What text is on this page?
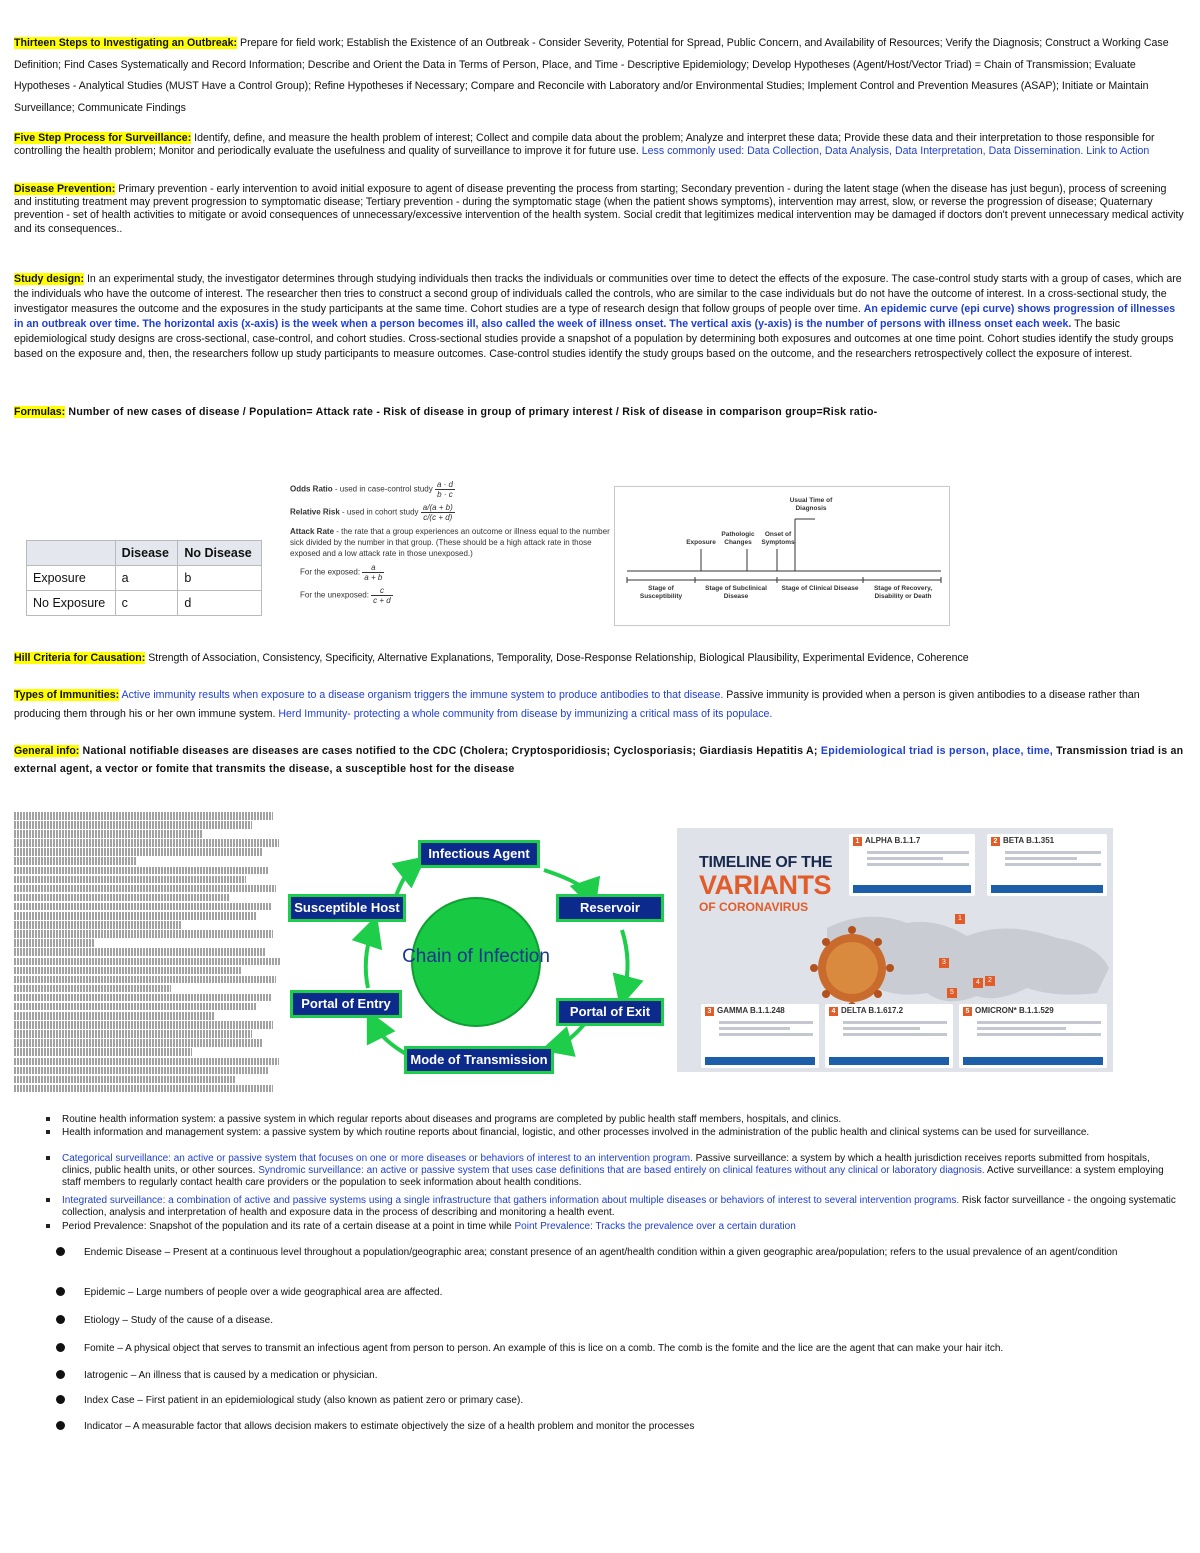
Thirteen Steps to Investigating an Outbreak: Prepare for field work; Establish the Existence of an Outbreak - Consider Severity, Potential for Spread, Public Concern, and Availability of Resources; Verify the Diagnosis; Construct a Working Case Definition; Find Cases Systematically and Record Information; Describe and Orient the Data in Terms of Person, Place, and Time - Descriptive Epidemiology; Develop Hypotheses (Agent/Host/Vector Triad) = Chain of Transmission; Evaluate Hypotheses - Analytical Studies (MUST Have a Control Group); Refine Hypotheses if Necessary; Compare and Reconcile with Laboratory and/or Environmental Studies; Implement Control and Prevention Measures (ASAP); Initiate or Maintain Surveillance; Communicate Findings
Five Step Process for Surveillance: Identify, define, and measure the health problem of interest; Collect and compile data about the problem; Analyze and interpret these data; Provide these data and their interpretation to those responsible for controlling the health problem; Monitor and periodically evaluate the usefulness and quality of surveillance to improve it for future use. Less commonly used: Data Collection, Data Analysis, Data Interpretation, Data Dissemination. Link to Action
Disease Prevention: Primary prevention - early intervention to avoid initial exposure to agent of disease preventing the process from starting; Secondary prevention - during the latent stage (when the disease has just begun), process of screening and instituting treatment may prevent progression to symptomatic disease; Tertiary prevention - during the symptomatic stage (when the patient shows symptoms), intervention may arrest, slow, or reverse the progression of disease; Quaternary prevention - set of health activities to mitigate or avoid consequences of unnecessary/excessive intervention of the health system. Social credit that legitimizes medical intervention may be damaged if doctors don't prevent unnecessary medical activity and its consequences..
Study design: In an experimental study, the investigator determines through studying individuals then tracks the individuals or communities over time to detect the effects of the exposure. The case-control study starts with a group of cases, which are the individuals who have the outcome of interest. The researcher then tries to construct a second group of individuals called the controls, who are similar to the case individuals but do not have the outcome of interest. In a cross-sectional study, the investigator measures the outcome and the exposures in the study participants at the same time. Cohort studies are a type of research design that follow groups of people over time. An epidemic curve (epi curve) shows progression of illnesses in an outbreak over time. The horizontal axis (x-axis) is the week when a person becomes ill, also called the week of illness onset. The vertical axis (y-axis) is the number of persons with illness onset each week. The basic epidemiological study designs are cross-sectional, case-control, and cohort studies. Cross-sectional studies provide a snapshot of a population by determining both exposures and outcomes at one time point. Cohort studies identify the study groups based on the exposure and, then, the researchers follow up study participants to measure outcomes. Case-control studies identify the study groups based on the outcome, and the researchers retrospectively collect the exposure of interest.
Formulas: Number of new cases of disease / Population= Attack rate - Risk of disease in group of primary interest / Risk of disease in comparison group=Risk ratio-
	Disease	No Disease
Exposure	a	b
No Exposure	c	d
Odds Ratio - used in case-control study $\frac{a \cdot d}{b \cdot c}$
Relative Risk - used in cohort study $\frac{a/(a + b)}{c/(c + d)}$
Attack Rate - the rate that a group experiences an outcome or illness equal to the number sick divided by the number in that group. (These should be a high attack rate in those exposed and a low attack rate in those unexposed.)
For the exposed: $\frac{a}{a + b}$
For the unexposed: $\frac{c}{c + d}$
Usual Time of Diagnosis
Exposure
Pathologic Changes
Onset of Symptoms
Stage of Susceptibility
Stage of Subclinical Disease
Stage of Clinical Disease	Stage of Recovery, Disability or Death
Hill Criteria for Causation: Strength of Association, Consistency, Specificity, Alternative Explanations, Temporality, Dose-Response Relationship, Biological Plausibility, Experimental Evidence, Coherence
Types of Immunities: Active immunity results when exposure to a disease organism triggers the immune system to produce antibodies to that disease. Passive immunity is provided when a person is given antibodies to a disease rather than producing them through his or her own immune system. Herd Immunity- protecting a whole community from disease by immunizing a critical mass of its populace.
General info: National notifiable diseases are diseases are cases notified to the CDC (Cholera; Cryptosporidiosis; Cyclosporiasis; Giardiasis Hepatitis A; Epidemiological triad is person, place, time, Transmission triad is an external agent, a vector or fomite that transmits the disease, a susceptible host for the disease
Chain of Infection
Infectious Agent
Reservoir
Portal of Exit
Mode of Transmission
Portal of Entry
Susceptible Host
TIMELINE OF THE
VARIANTS
OF CORONAVIRUS
1
2
3
4
5
1 ALPHA B.1.1.7	2 BETA B.1.351
3 GAMMA B.1.1.248	4 DELTA B.1.617.2	5 OMICRON* B.1.1.529
Routine health information system: a passive system in which regular reports about diseases and programs are completed by public health staff members, hospitals, and clinics.
Health information and management system: a passive system by which routine reports about financial, logistic, and other processes involved in the administration of the public health and clinical systems can be used for surveillance.
Categorical surveillance: an active or passive system that focuses on one or more diseases or behaviors of interest to an intervention program. Passive surveillance: a system by which a health jurisdiction receives reports submitted from hospitals, clinics, public health units, or other sources. Syndromic surveillance: an active or passive system that uses case definitions that are based entirely on clinical features without any clinical or laboratory diagnosis. Active surveillance: a system employing staff members to regularly contact health care providers or the population to seek information about health conditions.
Integrated surveillance: a combination of active and passive systems using a single infrastructure that gathers information about multiple diseases or behaviors of interest to several intervention programs. Risk factor surveillance - the ongoing systematic collection, analysis and interpretation of health and exposure data in the process of describing and monitoring a health event.
Period Prevalence: Snapshot of the population and its rate of a certain disease at a point in time while Point Prevalence: Tracks the prevalence over a certain duration
Endemic Disease – Present at a continuous level throughout a population/geographic area; constant presence of an agent/health condition within a given geographic area/population; refers to the usual prevalence of an agent/condition
Epidemic – Large numbers of people over a wide geographical area are affected.
Etiology – Study of the cause of a disease.
Fomite – A physical object that serves to transmit an infectious agent from person to person. An example of this is lice on a comb. The comb is the fomite and the lice are the agent that can make your hair itch.
Iatrogenic – An illness that is caused by a medication or physician.
Index Case – First patient in an epidemiological study (also known as patient zero or primary case).
Indicator – A measurable factor that allows decision makers to estimate objectively the size of a health problem and monitor the processes
